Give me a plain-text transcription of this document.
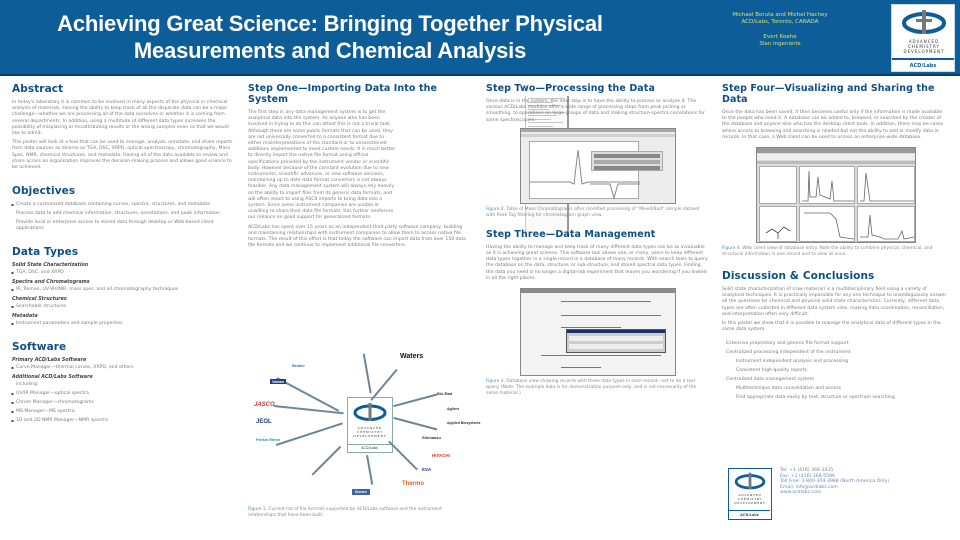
Achieving Great Science: Bringing Together Physical
Measurements and Chemical Analysis
Michael Boruta and Michel Hachey
ACD/Labs, Toronto, CANADA
Evert Koehe
Slan Ingenierie	ADVANCED
CHEMISTRY
DEVELOPMENT
ACD/Labs
Abstract

In today's laboratory it is common to be involved in many aspects of the physical or chemical analysis of materials. Having the ability to keep track of all the disparate data can be a major challenge—whether we are processing all of the data ourselves or whether it is coming from several departments. In addition, using a multitude of different data types increases the possibility of misplacing or misattributing results or the wrong samples even so that we would like to admit.

This poster will look at a tool that can be used to manage, analyze, annotate, and share reports from data sources as diverse as TGA, DSC, XRPD, optical spectroscopy, chromatography, Mass Spec, NMR, chemical structures, and metadata. Having all of the data available to review and share across an organization improves the decision-making process and allows good science to be achieved.

Objectives
▪ Create a customized database containing curves, spectra, structures, and metadata
Process data to add chemical information, structures, annotations, and peak information
Provide local or enterprise access to stored data through desktop or Web-based client applications
Data Types
Solid State Characterization
▪ TGA, DSC, and XRPD
Spectra and Chromatograms
▪ IR, Raman, UV-Vis/NIR, mass spec, and all chromatography techniques
Chemical Structures
▪ Searchable structures
Metadata
▪ Instrument parameters and sample properties
Software
Primary ACD/Labs Software
▪ Curve Manager—thermal curves, XRPD, and others
Additional ACD/Labs Software
including:
▪ UV/IR Manager—optical spectra
▪ Chrom Manager—chromatograms
▪ MS Manager—MS spectra
▪ 1D and 2D NMR Manager—NMR spectra
Step One—Importing Data Into the System

The first step in any data management system is to get the analytical data into the system. As anyone who has been involved in trying to do this can attest this is not a trivial task. Although there are some public formats that can be used, they are not universally converted to a consistent format due to either misinterpretations of the standard or to unsanctioned additions implemented to meet custom needs. It is much better to directly import the native file format using official specifications provided by the instrument vendor or scientific body. However because of the constant evolution due to new instruments, scientific advances, or new software versions, maintaining up to date data format converters is not always feasible. Any data management system will always rely heavily on the ability to import files from its generic data formats, and will often resort to using ASCII imports to bring data into a system. Since some instrument companies are unable or unwilling to share their data file formats, this further reinforces our reliance on good support for generalized formats.

ACD/Labs has spent over 15 years as an independent third party software company, building and maintaining relationships with instrument companies to allow them to access native file formats. The result of this effort is that today the software can import data from over 150 data file formats and we continue to implement additional file converters.

ADVANCED
CHEMISTRY
DEVELOPMENT
ACD/Labs
Waters
JASCO
JEOL
HITACHI
Thermo
Bio-Rad
Varian
Bruker
Shimadzu
Agilent
Applied Biosystems
Perkin Elmer
Dionex
ESA
Figure 1. Current list of file formats supported by ACD/Labs software and the instrument relationships that have been built.
Step Two—Processing the Data

Once data is in the system, the next step is to have the ability to process or analyze it. The various ACD/Labs modules offer a wide range of processing steps from peak picking or smoothing, to operations on large groups of data and making structure-spectra correlations for some spectroscopies.

Figure 2. Table of Mass Chromatograms after modified processing of "Mixed/Bad" sample dataset with Peak Tag filtering for chromatogram graph view.
Step Three—Data Management

Having the ability to manage and keep track of many different data types can be as invaluable as it is achieving great science. This software tool allows one, or many, users to keep different data types together in a single record in a database of many records. With search tools to query the database on the data, structure, or sub-structure, and stored spectral data types. Finding the data you need is no longer a digital-lab experiment that leaves you wondering if you looked in all the right places.

Figure 3. Database view showing records with three data types in each record—set to do a text query. (Note: The example data is for demonstration purpose only, and is not necessarily of the same material.)
Step Four—Visualizing and Sharing the Data

Once the data has been saved, it then becomes useful only if the information is made available to the people who need it. A database can be added to, browsed, or searched by the creator of the database and anyone else who has the desktop client tools. In addition, there may be cases where access to browsing and searching is needed but not the ability to add or modify data in records. In that case, a Web client can be used to access an enterprise-wide database.

Figure 4. Web client view of database entry. Note the ability to combine physical, chemical, and structural information in one record and to view at once.
Discussion & Conclusions

Solid state characterization of (raw material) is a multidisciplinary field using a variety of analytical techniques. It is practically impossible for any one technique to unambiguously answer all the questions for chemical and physical solid state characteristics. Currently, different data types are often collected in different data system silos, making data coordination, reconciliation, and interpretation often very difficult.

In this poster we show that it is possible to manage the analytical data of different types in the same data system.

Extensive proprietary and generic file format support
Centralized processing independent of the instrument
Instrument independent analysis and processing
Consistent high-quality reports
Centralized data management system
Multitechnique data consolidation and access
Find appropriate data easily by text, structure or spectrum searching
ADVANCED
CHEMISTRY
DEVELOPMENT
ACD/Labs
Tel: +1 (416) 368-3435
Fax: +1 (416) 368-5596
Toll Free: 1-800-304-3988 (North America Only)
Email: info@acdlabs.com
www.acdlabs.com
